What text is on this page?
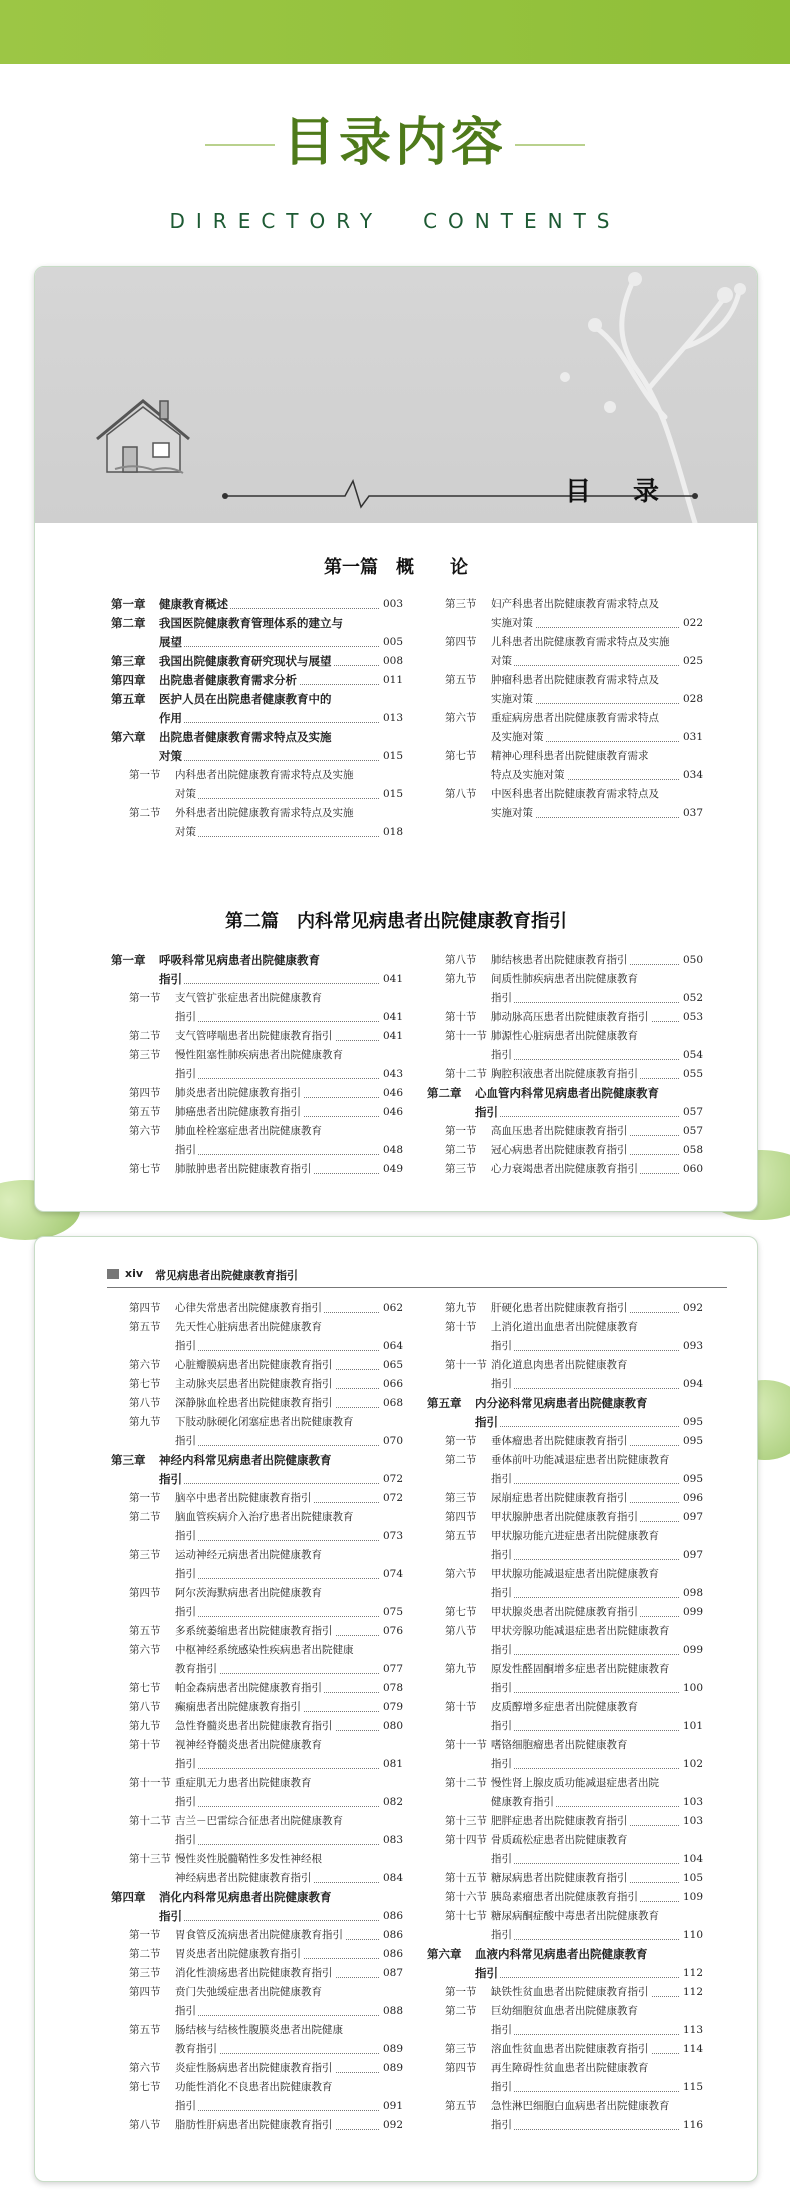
目录内容
DIRECTORY CONTENTS
目录
第一篇　概　　论
第一章	健康教育概述	003
第二章	我国医院健康教育管理体系的建立与
展望	005
第三章	我国出院健康教育研究现状与展望	008
第四章	出院患者健康教育需求分析	011
第五章	医护人员在出院患者健康教育中的
作用	013
第六章	出院患者健康教育需求特点及实施
对策	015
第一节	内科患者出院健康教育需求特点及实施
对策	015
第二节	外科患者出院健康教育需求特点及实施
对策	018
第三节	妇产科患者出院健康教育需求特点及
实施对策	022
第四节	儿科患者出院健康教育需求特点及实施
对策	025
第五节	肿瘤科患者出院健康教育需求特点及
实施对策	028
第六节	重症病房患者出院健康教育需求特点
及实施对策	031
第七节	精神心理科患者出院健康教育需求
特点及实施对策	034
第八节	中医科患者出院健康教育需求特点及
实施对策	037
第二篇　内科常见病患者出院健康教育指引
第一章	呼吸科常见病患者出院健康教育
指引	041
第一节	支气管扩张症患者出院健康教育
指引	041
第二节	支气管哮喘患者出院健康教育指引	041
第三节	慢性阻塞性肺疾病患者出院健康教育
指引	043
第四节	肺炎患者出院健康教育指引	046
第五节	肺癌患者出院健康教育指引	046
第六节	肺血栓栓塞症患者出院健康教育
指引	048
第七节	肺脓肿患者出院健康教育指引	049
第八节	肺结核患者出院健康教育指引	050
第九节	间质性肺疾病患者出院健康教育
指引	052
第十节	肺动脉高压患者出院健康教育指引	053
第十一节 肺源性心脏病患者出院健康教育
指引	054
第十二节 胸腔积液患者出院健康教育指引	055
第二章	心血管内科常见病患者出院健康教育
指引	057
第一节	高血压患者出院健康教育指引	057
第二节	冠心病患者出院健康教育指引	058
第三节	心力衰竭患者出院健康教育指引	060
xiv 常见病患者出院健康教育指引
第四节	心律失常患者出院健康教育指引	062
第五节	先天性心脏病患者出院健康教育
指引	064
第六节	心脏瓣膜病患者出院健康教育指引	065
第七节	主动脉夹层患者出院健康教育指引	066
第八节	深静脉血栓患者出院健康教育指引	068
第九节	下肢动脉硬化闭塞症患者出院健康教育
指引	070
第三章	神经内科常见病患者出院健康教育
指引	072
第一节	脑卒中患者出院健康教育指引	072
第二节	脑血管疾病介入治疗患者出院健康教育
指引	073
第三节	运动神经元病患者出院健康教育
指引	074
第四节	阿尔茨海默病患者出院健康教育
指引	075
第五节	多系统萎缩患者出院健康教育指引	076
第六节	中枢神经系统感染性疾病患者出院健康
教育指引	077
第七节	帕金森病患者出院健康教育指引	078
第八节	癫痫患者出院健康教育指引	079
第九节	急性脊髓炎患者出院健康教育指引	080
第十节	视神经脊髓炎患者出院健康教育
指引	081
第十一节 重症肌无力患者出院健康教育
指引	082
第十二节 吉兰－巴雷综合征患者出院健康教育
指引	083
第十三节 慢性炎性脱髓鞘性多发性神经根
神经病患者出院健康教育指引	084
第四章	消化内科常见病患者出院健康教育
指引	086
第一节	胃食管反流病患者出院健康教育指引	086
第二节	胃炎患者出院健康教育指引	086
第三节	消化性溃疡患者出院健康教育指引	087
第四节	贲门失弛缓症患者出院健康教育
指引	088
第五节	肠结核与结核性腹膜炎患者出院健康
教育指引	089
第六节	炎症性肠病患者出院健康教育指引	089
第七节	功能性消化不良患者出院健康教育
指引	091
第八节	脂肪性肝病患者出院健康教育指引	092
第九节	肝硬化患者出院健康教育指引	092
第十节	上消化道出血患者出院健康教育
指引	093
第十一节 消化道息肉患者出院健康教育
指引	094
第五章	内分泌科常见病患者出院健康教育
指引	095
第一节	垂体瘤患者出院健康教育指引	095
第二节	垂体前叶功能减退症患者出院健康教育
指引	095
第三节	尿崩症患者出院健康教育指引	096
第四节	甲状腺肿患者出院健康教育指引	097
第五节	甲状腺功能亢进症患者出院健康教育
指引	097
第六节	甲状腺功能减退症患者出院健康教育
指引	098
第七节	甲状腺炎患者出院健康教育指引	099
第八节	甲状旁腺功能减退症患者出院健康教育
指引	099
第九节	原发性醛固酮增多症患者出院健康教育
指引	100
第十节	皮质醇增多症患者出院健康教育
指引	101
第十一节 嗜铬细胞瘤患者出院健康教育
指引	102
第十二节 慢性肾上腺皮质功能减退症患者出院
健康教育指引	103
第十三节 肥胖症患者出院健康教育指引	103
第十四节 骨质疏松症患者出院健康教育
指引	104
第十五节 糖尿病患者出院健康教育指引	105
第十六节 胰岛素瘤患者出院健康教育指引	109
第十七节 糖尿病酮症酸中毒患者出院健康教育
指引	110
第六章	血液内科常见病患者出院健康教育
指引	112
第一节	缺铁性贫血患者出院健康教育指引	112
第二节	巨幼细胞贫血患者出院健康教育
指引	113
第三节	溶血性贫血患者出院健康教育指引	114
第四节	再生障碍性贫血患者出院健康教育
指引	115
第五节	急性淋巴细胞白血病患者出院健康教育
指引	116
